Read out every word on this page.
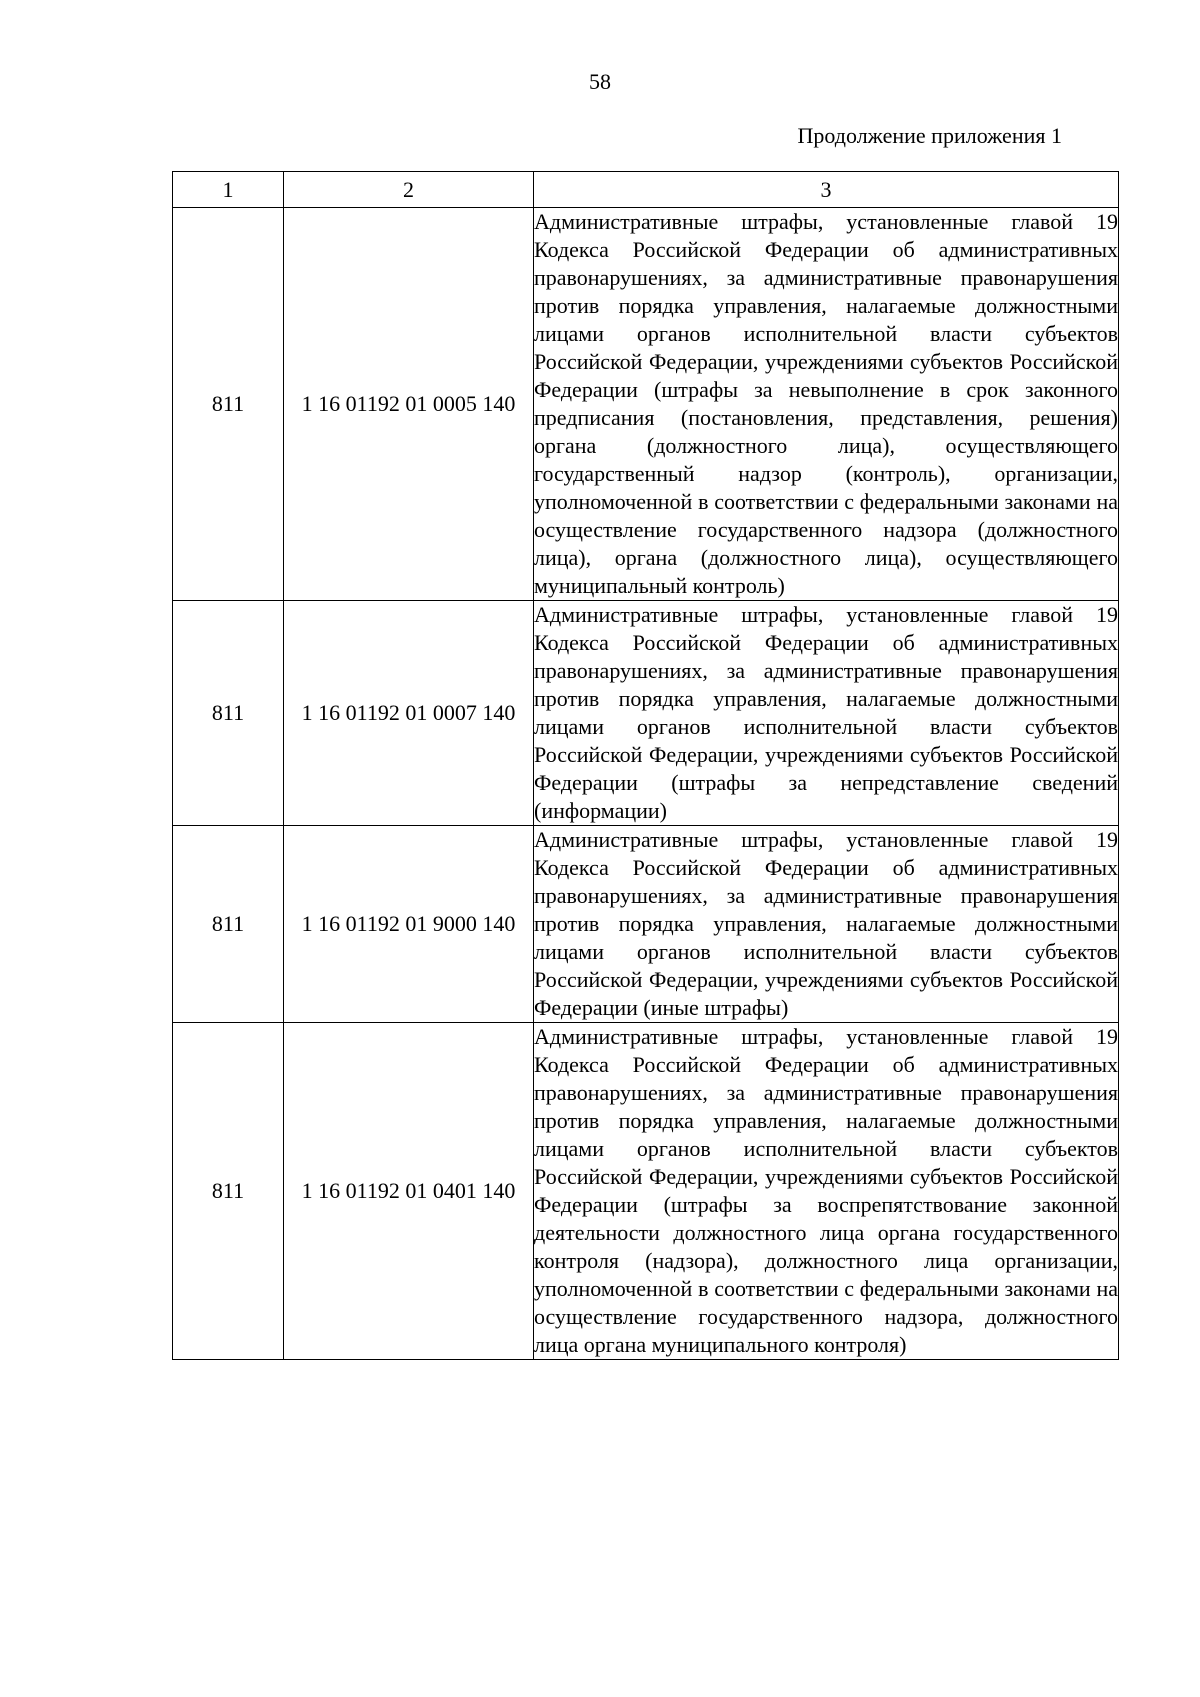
58
Продолжение приложения 1
1	2	3
811	1 16 01192 01 0005 140	Административные штрафы, установленные главой 19 Кодекса Российской Федерации об административных правонарушениях, за административные правонарушения против порядка управления, налагаемые должностными лицами органов исполнительной власти субъектов Российской Федерации, учреждениями субъектов Российской Федерации (штрафы за невыполнение в срок законного предписания (постановления, представления, решения) органа (должностного лица), осуществляющего государственный надзор (контроль), организации, уполномоченной в соответствии с федеральными законами на осуществление государственного надзора (должностного лица), органа (должностного лица), осуществляющего муниципальный контроль)
811	1 16 01192 01 0007 140	Административные штрафы, установленные главой 19 Кодекса Российской Федерации об административных правонарушениях, за административные правонарушения против порядка управления, налагаемые должностными лицами органов исполнительной власти субъектов Российской Федерации, учреждениями субъектов Российской Федерации (штрафы за непредставление сведений (информации)
811	1 16 01192 01 9000 140	Административные штрафы, установленные главой 19 Кодекса Российской Федерации об административных правонарушениях, за административные правонарушения против порядка управления, налагаемые должностными лицами органов исполнительной власти субъектов Российской Федерации, учреждениями субъектов Российской Федерации (иные штрафы)
811	1 16 01192 01 0401 140	Административные штрафы, установленные главой 19 Кодекса Российской Федерации об административных правонарушениях, за административные правонарушения против порядка управления, налагаемые должностными лицами органов исполнительной власти субъектов Российской Федерации, учреждениями субъектов Российской Федерации (штрафы за воспрепятствование законной деятельности должностного лица органа государственного контроля (надзора), должностного лица организации, уполномоченной в соответствии с федеральными законами на осуществление государственного надзора, должностного лица органа муниципального контроля)
